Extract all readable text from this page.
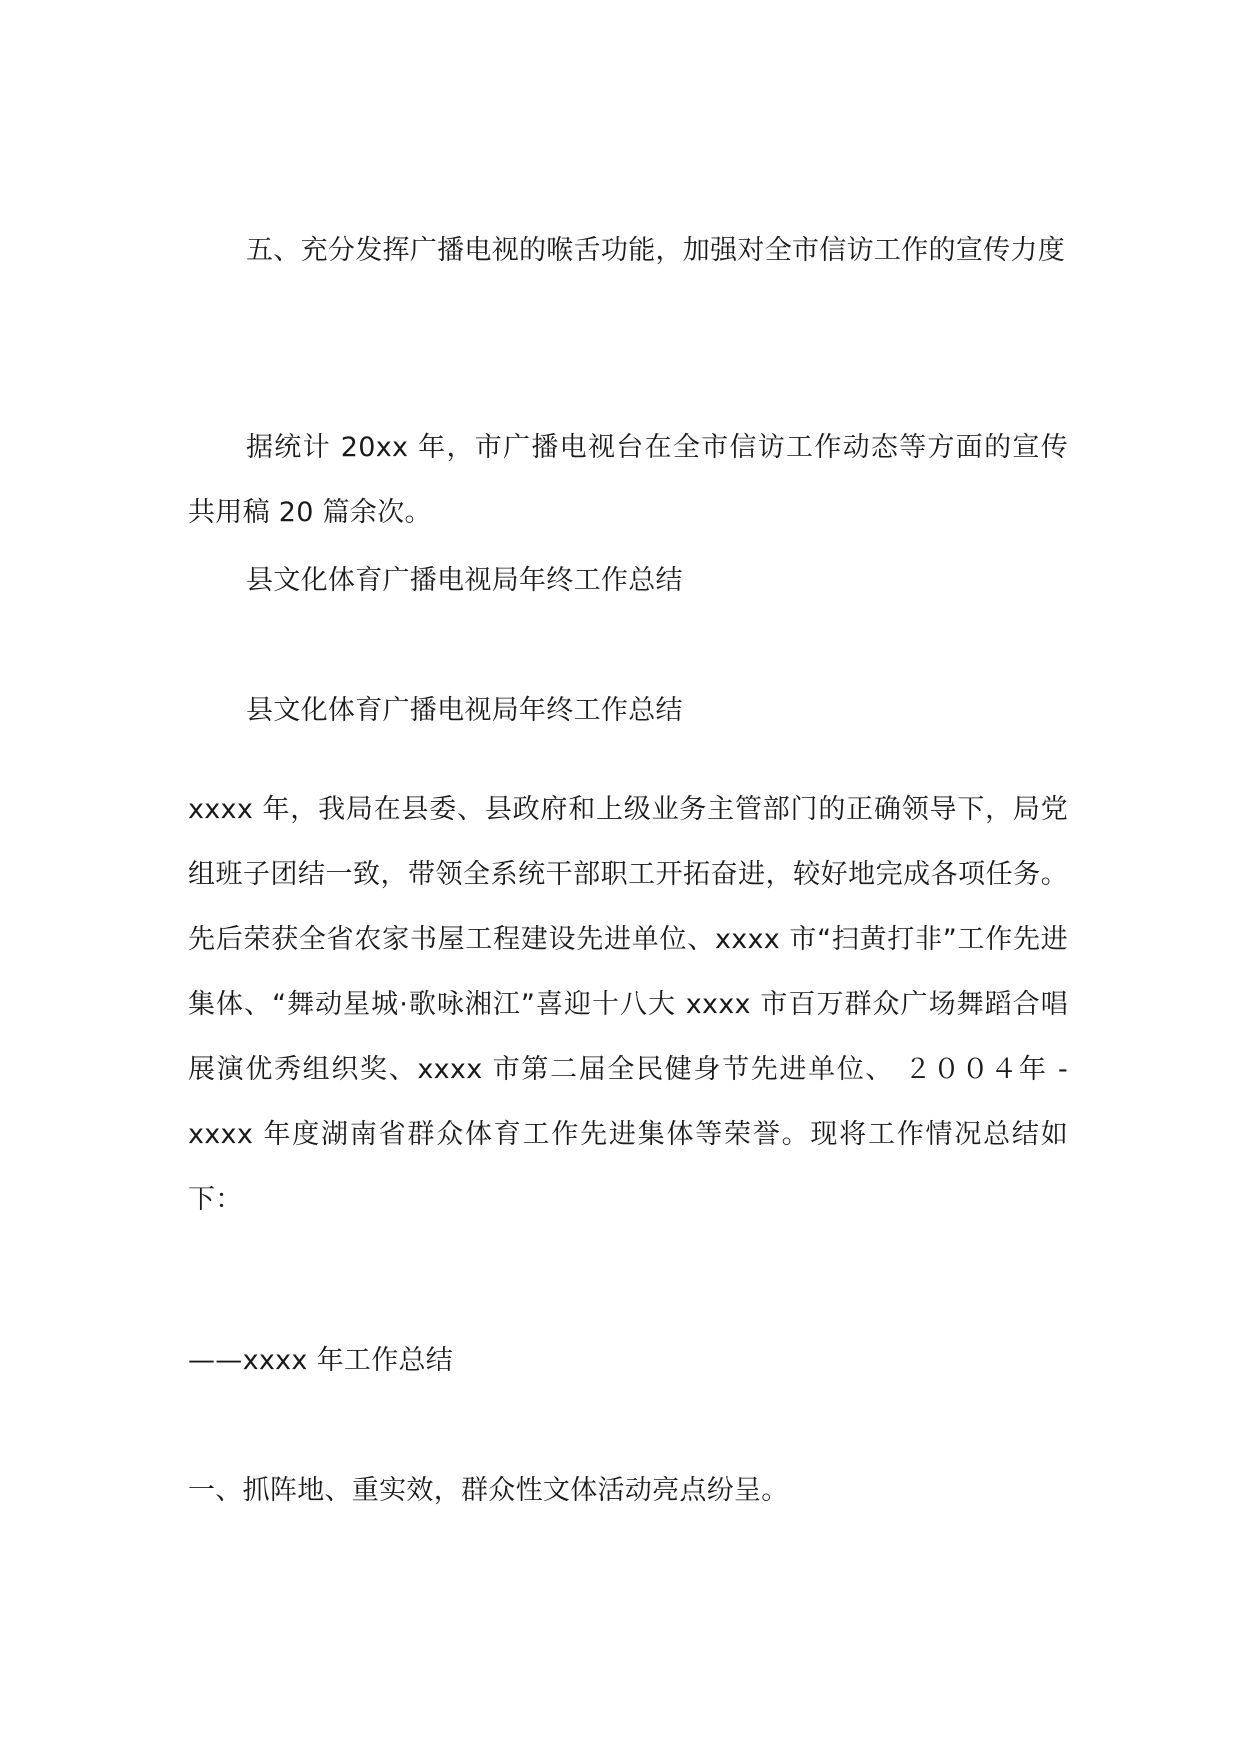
五、充分发挥广播电视的喉舌功能，加强对全市信访工作的宣传力度

据统计 20xx 年，市广播电视台在全市信访工作动态等方面的宣传共用稿 20 篇余次。

县文化体育广播电视局年终工作总结

县文化体育广播电视局年终工作总结

xxxx 年，我局在县委、县政府和上级业务主管部门的正确领导下，局党组班子团结一致，带领全系统干部职工开拓奋进，较好地完成各项任务。先后荣获全省农家书屋工程建设先进单位、xxxx 市“扫黄打非”工作先进集体、“舞动星城·歌咏湘江”喜迎十八大 xxxx 市百万群众广场舞蹈合唱展演优秀组织奖、xxxx 市第二届全民健身节先进单位、 ２００４年 - xxxx 年度湖南省群众体育工作先进集体等荣誉。现将工作情况总结如下：

——xxxx 年工作总结

一、抓阵地、重实效，群众性文体活动亮点纷呈。
